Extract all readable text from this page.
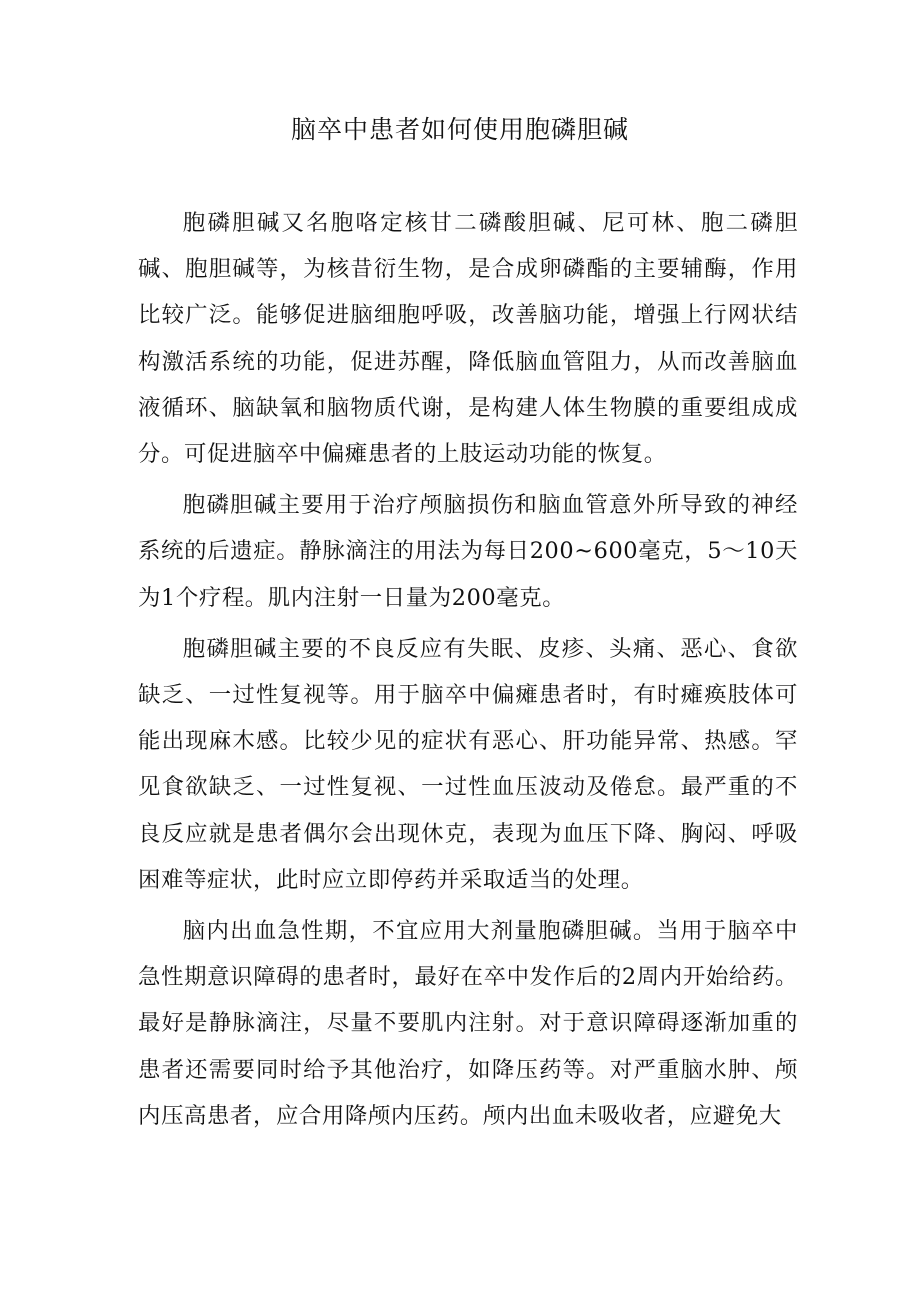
脑卒中患者如何使用胞磷胆碱

胞磷胆碱又名胞咯定核甘二磷酸胆碱、尼可林、胞二磷胆碱、胞胆碱等，为核昔衍生物，是合成卵磷酯的主要辅酶，作用比较广泛。能够促进脑细胞呼吸，改善脑功能，增强上行网状结构激活系统的功能，促进苏醒，降低脑血管阻力，从而改善脑血液循环、脑缺氧和脑物质代谢，是构建人体生物膜的重要组成成分。可促进脑卒中偏瘫患者的上肢运动功能的恢复。

胞磷胆碱主要用于治疗颅脑损伤和脑血管意外所导致的神经系统的后遗症。静脉滴注的用法为每日200~600毫克，5～10天为1个疗程。肌内注射一日量为200毫克。

胞磷胆碱主要的不良反应有失眠、皮疹、头痛、恶心、食欲缺乏、一过性复视等。用于脑卒中偏瘫患者时，有时瘫痪肢体可能出现麻木感。比较少见的症状有恶心、肝功能异常、热感。罕见食欲缺乏、一过性复视、一过性血压波动及倦怠。最严重的不良反应就是患者偶尔会出现休克，表现为血压下降、胸闷、呼吸困难等症状，此时应立即停药并采取适当的处理。

脑内出血急性期，不宜应用大剂量胞磷胆碱。当用于脑卒中急性期意识障碍的患者时，最好在卒中发作后的2周内开始给药。最好是静脉滴注，尽量不要肌内注射。对于意识障碍逐渐加重的患者还需要同时给予其他治疗，如降压药等。对严重脑水肿、颅内压高患者，应合用降颅内压药。颅内出血未吸收者，应避免大
